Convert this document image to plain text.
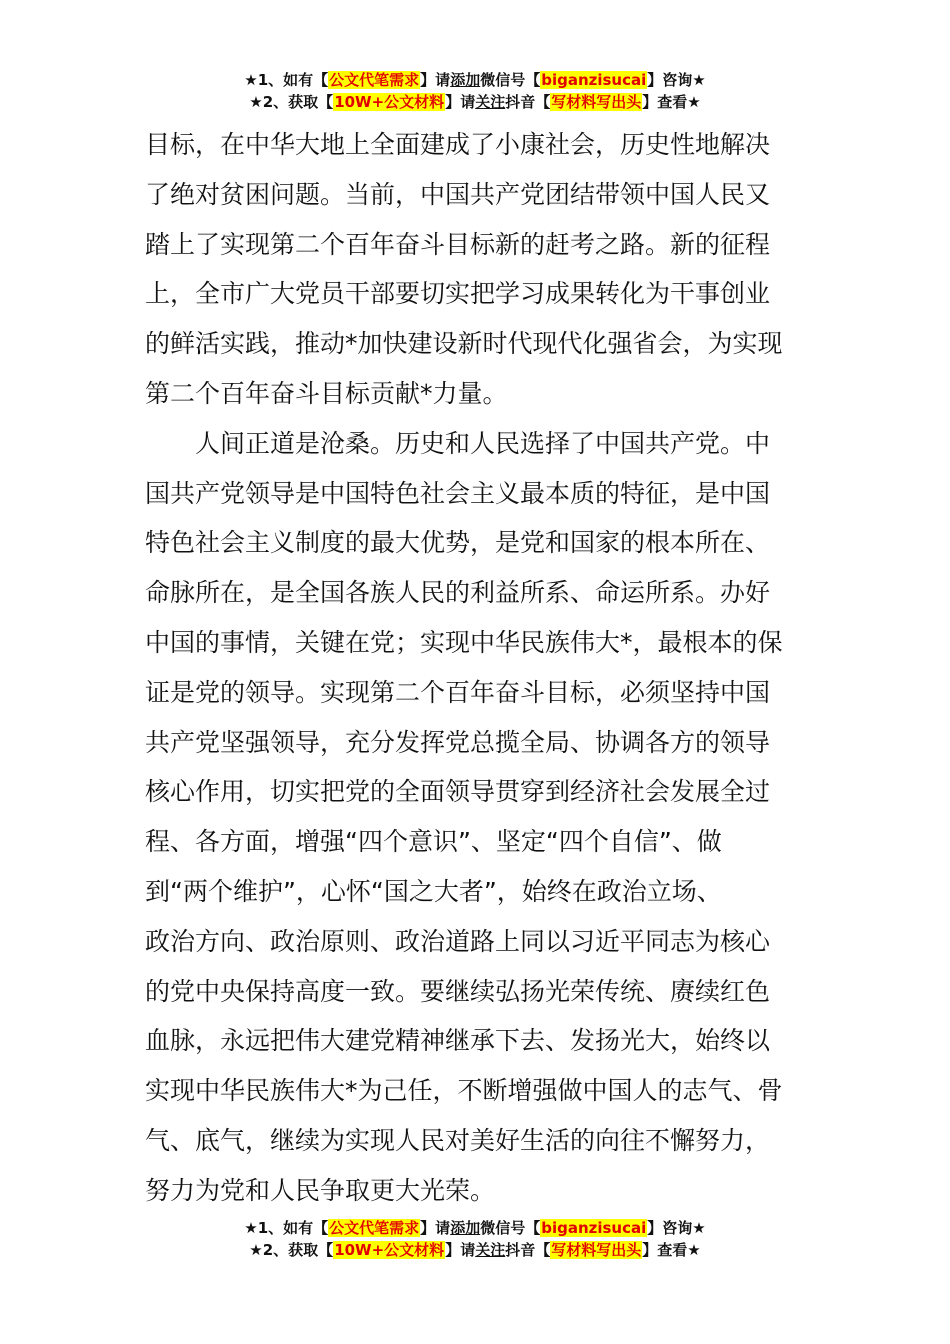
★1、如有【公文代笔需求】请添加微信号【biganzisucai】咨询★
★2、获取【10W+公文材料】请关注抖音【写材料写出头】查看★
目标，在中华大地上全面建成了小康社会，历史性地解决
了绝对贫困问题。当前，中国共产党团结带领中国人民又
踏上了实现第二个百年奋斗目标新的赶考之路。新的征程
上，全市广大党员干部要切实把学习成果转化为干事创业
的鲜活实践，推动*加快建设新时代现代化强省会，为实现
第二个百年奋斗目标贡献*力量。
人间正道是沧桑。历史和人民选择了中国共产党。中
国共产党领导是中国特色社会主义最本质的特征，是中国
特色社会主义制度的最大优势，是党和国家的根本所在、
命脉所在，是全国各族人民的利益所系、命运所系。办好
中国的事情，关键在党；实现中华民族伟大*，最根本的保
证是党的领导。实现第二个百年奋斗目标，必须坚持中国
共产党坚强领导，充分发挥党总揽全局、协调各方的领导
核心作用，切实把党的全面领导贯穿到经济社会发展全过
程、各方面，增强“四个意识”、坚定“四个自信”、做
到“两个维护”，心怀“国之大者”，始终在政治立场、
政治方向、政治原则、政治道路上同以习近平同志为核心
的党中央保持高度一致。要继续弘扬光荣传统、赓续红色
血脉，永远把伟大建党精神继承下去、发扬光大，始终以
实现中华民族伟大*为己任，不断增强做中国人的志气、骨
气、底气，继续为实现人民对美好生活的向往不懈努力，
努力为党和人民争取更大光荣。
★1、如有【公文代笔需求】请添加微信号【biganzisucai】咨询★
★2、获取【10W+公文材料】请关注抖音【写材料写出头】查看★
